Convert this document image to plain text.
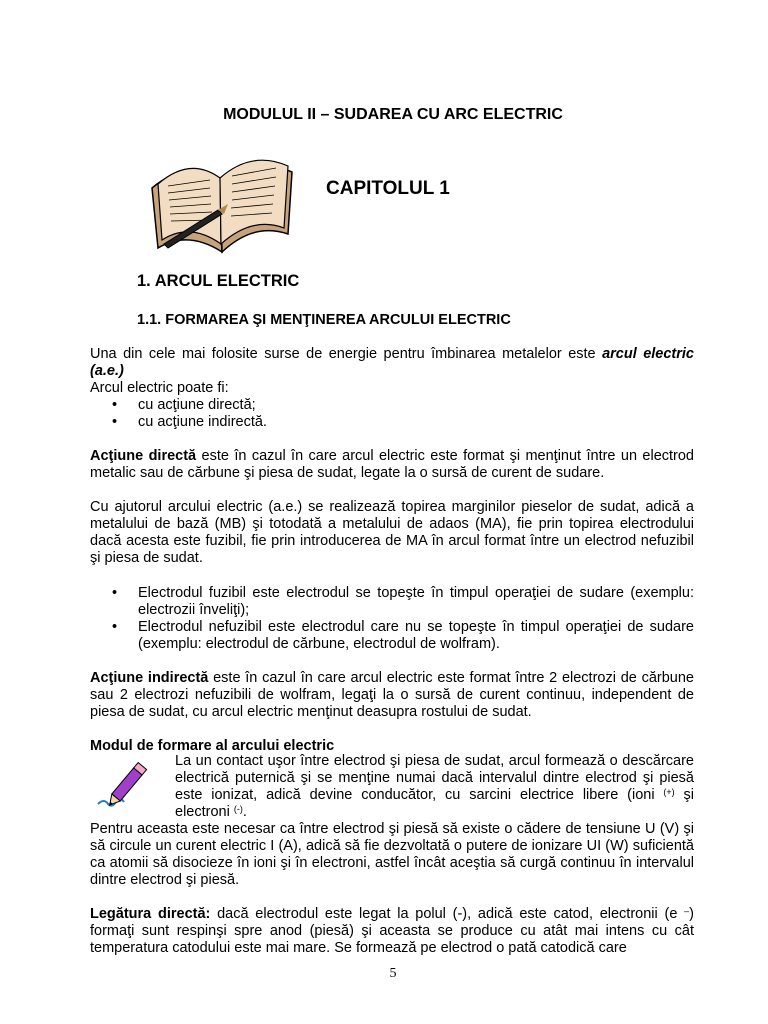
MODULUL II – SUDAREA CU ARC ELECTRIC
CAPITOLUL 1
1. ARCUL ELECTRIC
1.1. FORMAREA ŞI MENŢINEREA ARCULUI ELECTRIC
Una din cele mai folosite surse de energie pentru îmbinarea metalelor este arcul electric (a.e.)
Arcul electric poate fi:
• cu acţiune directă;
• cu acţiune indirectă.
Acţiune directă este în cazul în care arcul electric este format şi menţinut între un electrod metalic sau de cărbune şi piesa de sudat, legate la o sursă de curent de sudare.
Cu ajutorul arcului electric (a.e.) se realizează topirea marginilor pieselor de sudat, adică a metalului de bază (MB) şi totodată a metalului de adaos (MA), fie prin topirea electrodului dacă acesta este fuzibil, fie prin introducerea de MA în arcul format între un electrod nefuzibil şi piesa de sudat.
• Electrodul fuzibil este electrodul se topeşte în timpul operaţiei de sudare (exemplu: electrozii înveliţi);
• Electrodul nefuzibil este electrodul care nu se topeşte în timpul operaţiei de sudare (exemplu: electrodul de cărbune, electrodul de wolfram).
Acţiune indirectă este în cazul în care arcul electric este format între 2 electrozi de cărbune sau 2 electrozi nefuzibili de wolfram, legaţi la o sursă de curent continuu, independent de piesa de sudat, cu arcul electric menţinut deasupra rostului de sudat.
Modul de formare al arcului electric
La un contact uşor între electrod şi piesa de sudat, arcul formează o descărcare electrică puternică şi se menţine numai dacă intervalul dintre electrod şi piesă este ionizat, adică devine conducător, cu sarcini electrice libere (ioni (+) şi electroni (-).
Pentru aceasta este necesar ca între electrod şi piesă să existe o cădere de tensiune U (V) şi să circule un curent electric I (A), adică să fie dezvoltată o putere de ionizare UI (W) suficientă ca atomii să disocieze în ioni şi în electroni, astfel încât aceştia să curgă continuu în intervalul dintre electrod şi piesă.
Legătura directă: dacă electrodul este legat la polul (-), adică este catod, electronii (e –) formaţi sunt respinşi spre anod (piesă) şi aceasta se produce cu atât mai intens cu cât temperatura catodului este mai mare. Se formează pe electrod o pată catodică care
5
